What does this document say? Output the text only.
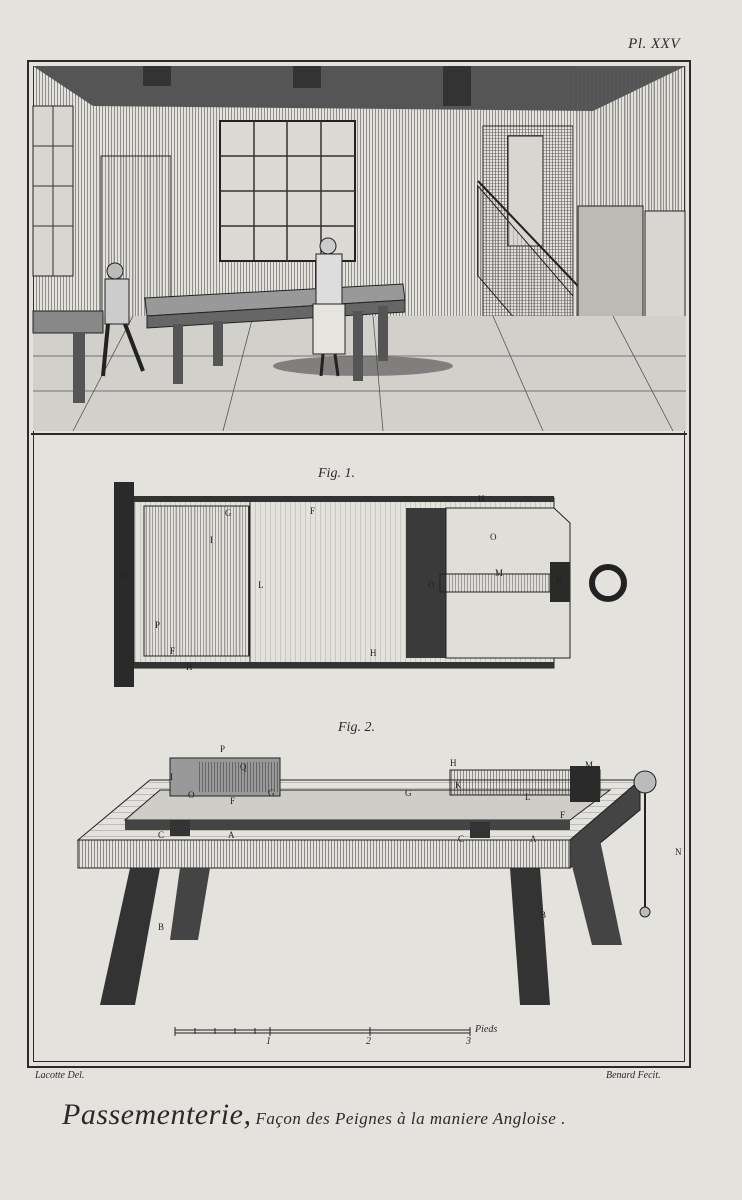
Pl. XXV
Fig. 1.
H
F
G
O
I
G
L
M
K
O
P
F	H
H
Fig. 2.
P
Q
I
O
F
G	G
H
K
L
M
F
C	A	C	A
B
B
N
1	2	3
Pieds
Lacotte Del.	Benard Fecit.
Passementerie, Façon des Peignes à la maniere Angloise .
